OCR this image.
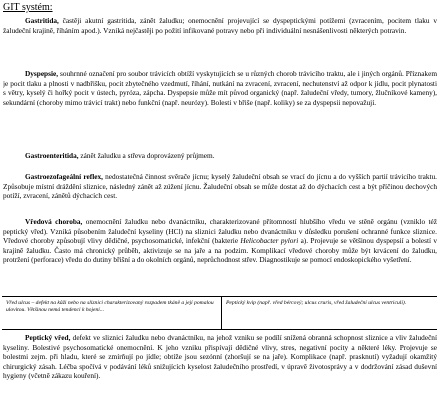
GIT systém:
Gastritida, častěji akutní gastritida, zánět žaludku; onemocnění projevující se dyspeptickými potížemi (zvracením, pocitem tlaku v žaludeční krajině, říháním apod.). Vzniká nejčastěji po požití infikované potravy nebo při individuální nesnášenlivosti některých potravin.
Dyspepsie, souhrnné označení pro soubor trávicích obtíží vyskytujících se u různých chorob trávicího traktu, ale i jiných orgánů. Příznakem je pocit tlaku a plnosti v nadbřišku, pocit zbytečného vzedmutí, říhání, nutkání na zvracení, zvracení, nechutenství až odpor k jídlu, pocit plynatosti s větry, kyselý či hořký pocit v ústech, pyróza, zápcha. Dyspepsie může mít původ organický (např. žaludeční vředy, tumory, žlučníkové kameny), sekundární (choroby mimo trávicí trakt) nebo funkční (např. neurózy). Bolesti v břiše (např. koliky) se za dyspepsii nepovažují.
Gastroenteritida, zánět žaludku a střeva doprovázený průjmem.
Gastroezofageální reflex, nedostatečná činnost svěrače jícnu; kyselý žaludeční obsah se vrací do jícnu a do vyšších partií trávicího traktu. Způsobuje místní dráždění sliznice, následný zánět až zúžení jícnu. Žaludeční obsah se může dostat až do dýchacích cest a být příčinou dechových potíží, zvracení, zánětů dýchacích cest.
Vředová choroba, onemocnění žaludku nebo dvanáctníku, charakterizované přítomností hlubšího vředu ve stěně orgánu (vzniklo též peptický vřed). Vzniká působením žaludeční kyseliny (HCl) na sliznici žaludku nebo dvanáctníku v důsledku porušení ochranné funkce sliznice. Vředové choroby způsobují vlivy dědičné, psychosomatické, infekční (bakterie Helicobacter pylori a). Projevuje se většinou dyspepsií a bolestí v krajině žaludku. Často má chronický průběh, aktivizuje se na jaře a na podzim. Komplikací vředové choroby může být krvácení do žaludku, protržení (perforace) vředu do dutiny břišní a do okolních orgánů, neprůchodnost střev. Diagnostikuje se pomocí endoskopického vyšetření.
Vřed ulcus – defekt na kůži nebo na sliznici charakterizovaný rozpadem tkáně a její pomalou ulovitou. Většinou nemá tendenci k hojení...
Peptický kvip (např. vřed bércový; ulcus cruris, vřed žaludeční ulcus ventriculi).
Peptický vřed, defekt ve sliznici žaludku nebo dvanáctníku, na jehož vzniku se podílí snížená obranná schopnost sliznice a vliv žaludeční kyseliny. Bolestivé psychosomatické onemocnění. K jeho vzniku přispívají dědičné vlivy, stres, negativní pocity a některé léky. Projevuje se bolestmi zejm. při hladu, které se zmírňují po jídle; obtíže jsou sezónní (zhoršují se na jaře). Komplikace (např. prasknutí) vyžadují okamžitý chirurgický zásah. Léčba spočívá v podávání léků snižujících kyselost žaludečního prostředí, v úpravě životosprávy a v dodržování zásad duševní hygieny (včetně zákazu kouření).
